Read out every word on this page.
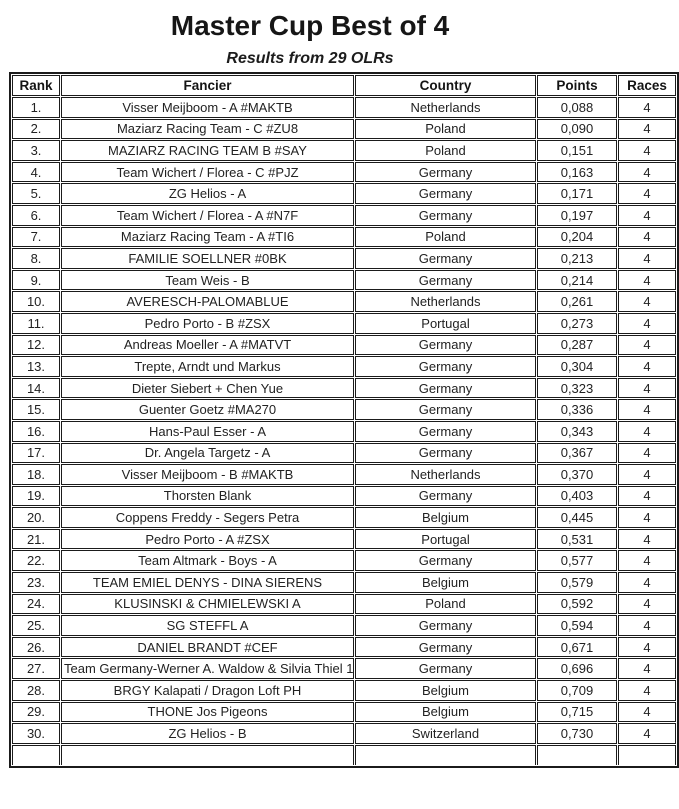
Master Cup Best of 4
Results from 29 OLRs
Rank	Fancier	Country	Points	Races
1.	Visser Meijboom - A #MAKTB	Netherlands	0,088	4
2.	Maziarz Racing Team - C #ZU8	Poland	0,090	4
3.	MAZIARZ RACING TEAM B #SAY	Poland	0,151	4
4.	Team Wichert / Florea - C #PJZ	Germany	0,163	4
5.	ZG Helios - A	Germany	0,171	4
6.	Team Wichert / Florea - A #N7F	Germany	0,197	4
7.	Maziarz Racing Team - A #TI6	Poland	0,204	4
8.	FAMILIE SOELLNER #0BK	Germany	0,213	4
9.	Team Weis - B	Germany	0,214	4
10.	AVERESCH-PALOMABLUE	Netherlands	0,261	4
11.	Pedro Porto - B #ZSX	Portugal	0,273	4
12.	Andreas Moeller - A #MATVT	Germany	0,287	4
13.	Trepte, Arndt und Markus	Germany	0,304	4
14.	Dieter Siebert + Chen Yue	Germany	0,323	4
15.	Guenter Goetz #MA270	Germany	0,336	4
16.	Hans-Paul Esser - A	Germany	0,343	4
17.	Dr. Angela Targetz - A	Germany	0,367	4
18.	Visser Meijboom - B #MAKTB	Netherlands	0,370	4
19.	Thorsten Blank	Germany	0,403	4
20.	Coppens Freddy - Segers Petra	Belgium	0,445	4
21.	Pedro Porto - A #ZSX	Portugal	0,531	4
22.	Team Altmark - Boys - A	Germany	0,577	4
23.	TEAM EMIEL DENYS - DINA SIERENS	Belgium	0,579	4
24.	KLUSINSKI & CHMIELEWSKI A	Poland	0,592	4
25.	SG STEFFL A	Germany	0,594	4
26.	DANIEL BRANDT #CEF	Germany	0,671	4
27.	Team Germany-Werner A. Waldow & Silvia Thiel 1	Germany	0,696	4
28.	BRGY Kalapati / Dragon Loft PH	Belgium	0,709	4
29.	THONE Jos Pigeons	Belgium	0,715	4
30.	ZG Helios - B	Switzerland	0,730	4
